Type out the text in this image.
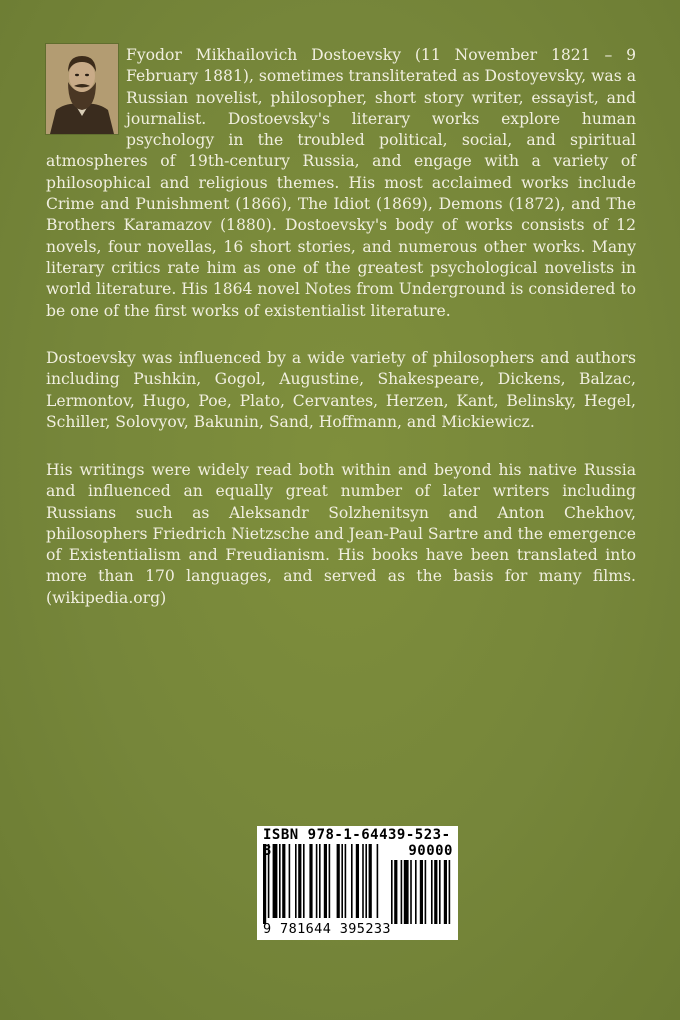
Fyodor Mikhailovich Dostoevsky (11 November 1821 – 9 February 1881), sometimes transliterated as Dostoyevsky, was a Russian novelist, philosopher, short story writer, essayist, and journalist. Dostoevsky's literary works explore human psychology in the troubled political, social, and spiritual atmospheres of 19th-century Russia, and engage with a variety of philosophical and religious themes. His most acclaimed works include Crime and Punishment (1866), The Idiot (1869), Demons (1872), and The Brothers Karamazov (1880). Dostoevsky's body of works consists of 12 novels, four novellas, 16 short stories, and numerous other works. Many literary critics rate him as one of the greatest psychological novelists in world literature. His 1864 novel Notes from Underground is considered to be one of the first works of existentialist literature.
Dostoevsky was influenced by a wide variety of philosophers and authors including Pushkin, Gogol, Augustine, Shakespeare, Dickens, Balzac, Lermontov, Hugo, Poe, Plato, Cervantes, Herzen, Kant, Belinsky, Hegel, Schiller, Solovyov, Bakunin, Sand, Hoffmann, and Mickiewicz.
His writings were widely read both within and beyond his native Russia and influenced an equally great number of later writers including Russians such as Aleksandr Solzhenitsyn and Anton Chekhov, philosophers Friedrich Nietzsche and Jean-Paul Sartre and the emergence of Existentialism and Freudianism. His books have been translated into more than 170 languages, and served as the basis for many films. (wikipedia.org)
ISBN 978-1-64439-523-3	90000
9 781644 395233
